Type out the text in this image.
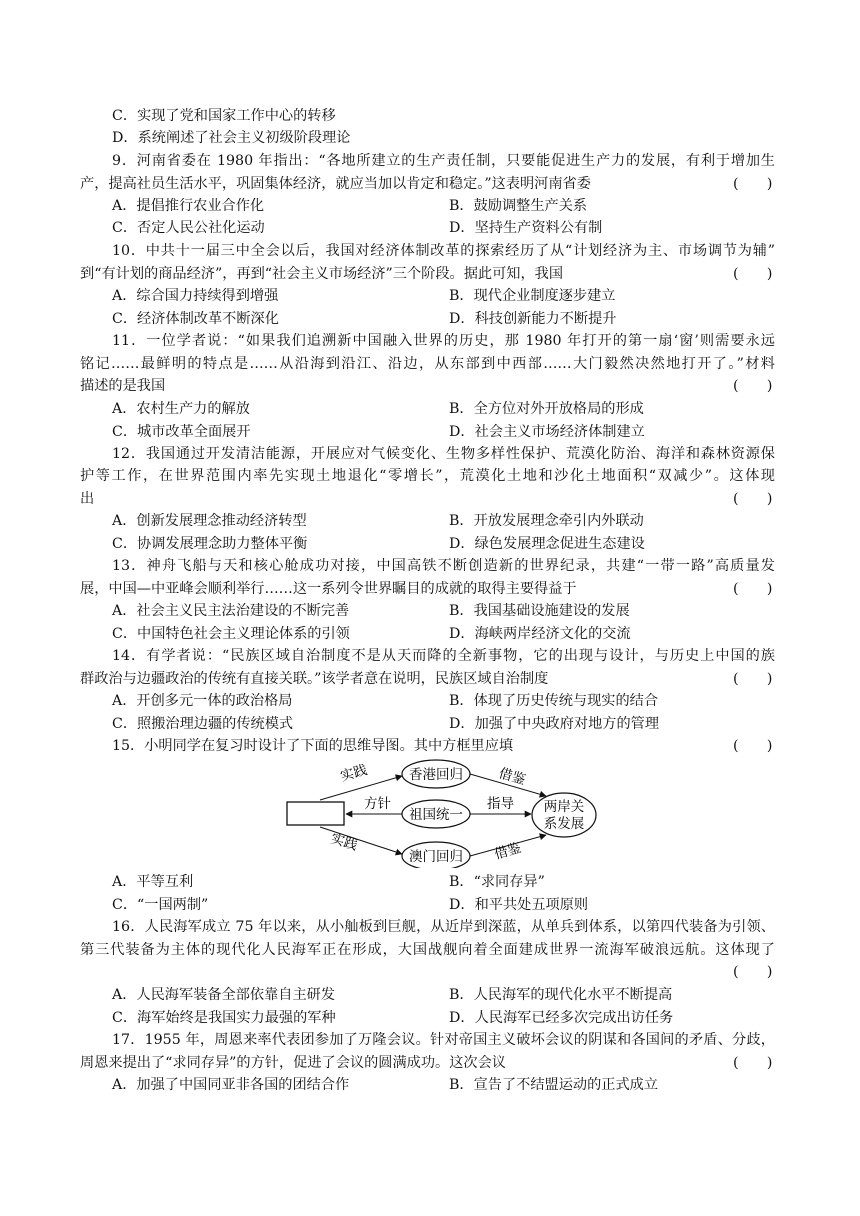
C．实现了党和国家工作中心的转移
D．系统阐述了社会主义初级阶段理论
9．河南省委在 1980 年指出：“各地所建立的生产责任制，只要能促进生产力的发展，有利于增加生
产，提高社员生活水平，巩固集体经济，就应当加以肯定和稳定。”这表明河南省委	(　　)
A．提倡推行农业合作化	B．鼓励调整生产关系
C．否定人民公社化运动	D．坚持生产资料公有制
10．中共十一届三中全会以后，我国对经济体制改革的探索经历了从“计划经济为主、市场调节为辅”
到“有计划的商品经济”，再到“社会主义市场经济”三个阶段。据此可知，我国	(　　)
A．综合国力持续得到增强	B．现代企业制度逐步建立
C．经济体制改革不断深化	D．科技创新能力不断提升
11．一位学者说：“如果我们追溯新中国融入世界的历史，那 1980 年打开的第一扇‘窗’则需要永远
铭记……最鲜明的特点是……从沿海到沿江、沿边，从东部到中西部……大门毅然决然地打开了。”材料
描述的是我国	(　　)
A．农村生产力的解放	B．全方位对外开放格局的形成
C．城市改革全面展开	D．社会主义市场经济体制建立
12．我国通过开发清洁能源，开展应对气候变化、生物多样性保护、荒漠化防治、海洋和森林资源保
护等工作，在世界范围内率先实现土地退化“零增长”，荒漠化土地和沙化土地面积“双减少”。这体现
出	(　　)
A．创新发展理念推动经济转型	B．开放发展理念牵引内外联动
C．协调发展理念助力整体平衡	D．绿色发展理念促进生态建设
13．神舟飞船与天和核心舱成功对接，中国高铁不断创造新的世界纪录，共建“一带一路”高质量发
展，中国—中亚峰会顺利举行……这一系列令世界瞩目的成就的取得主要得益于	(　　)
A．社会主义民主法治建设的不断完善	B．我国基础设施建设的发展
C．中国特色社会主义理论体系的引领	D．海峡两岸经济文化的交流
14．有学者说：“民族区域自治制度不是从天而降的全新事物，它的出现与设计，与历史上中国的族
群政治与边疆政治的传统有直接关联。”该学者意在说明，民族区域自治制度	(　　)
A．开创多元一体的政治格局	B．体现了历史传统与现实的结合
C．照搬治理边疆的传统模式	D．加强了中央政府对地方的管理
15．小明同学在复习时设计了下面的思维导图。其中方框里应填	(　　)
香港回归
祖国统一
澳门回归
两岸关
系发展
实践
实践
方针	指导
借鉴
借鉴
A．平等互利	B．“求同存异”
C．“一国两制”	D．和平共处五项原则
16．人民海军成立 75 年以来，从小舢板到巨舰，从近岸到深蓝，从单兵到体系，以第四代装备为引领、
第三代装备为主体的现代化人民海军正在形成，大国战舰向着全面建成世界一流海军破浪远航。这体现了
(　　)
A．人民海军装备全部依靠自主研发	B．人民海军的现代化水平不断提高
C．海军始终是我国实力最强的军种	D．人民海军已经多次完成出访任务
17．1955 年，周恩来率代表团参加了万隆会议。针对帝国主义破坏会议的阴谋和各国间的矛盾、分歧，
周恩来提出了“求同存异”的方针，促进了会议的圆满成功。这次会议	(　　)
A．加强了中国同亚非各国的团结合作	B．宣告了不结盟运动的正式成立
